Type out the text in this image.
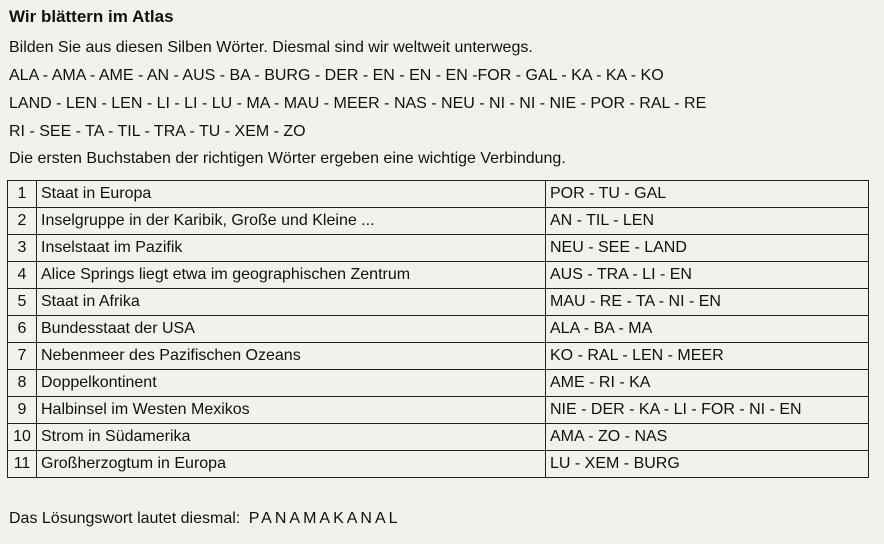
Wir blättern im Atlas
Bilden Sie aus diesen Silben Wörter. Diesmal sind wir weltweit unterwegs.
ALA - AMA - AME - AN - AUS - BA - BURG - DER - EN - EN - EN -FOR - GAL - KA - KA - KO
LAND - LEN - LEN - LI - LI - LU - MA - MAU - MEER - NAS - NEU - NI - NI - NIE - POR - RAL - RE
RI - SEE - TA - TIL - TRA - TU - XEM - ZO
Die ersten Buchstaben der richtigen Wörter ergeben eine wichtige Verbindung.
1	Staat in Europa	POR - TU - GAL
2	Inselgruppe in der Karibik, Große und Kleine ...	AN - TIL - LEN
3	Inselstaat im Pazifik	NEU - SEE - LAND
4	Alice Springs liegt etwa im geographischen Zentrum	AUS - TRA - LI - EN
5	Staat in Afrika	MAU - RE - TA - NI - EN
6	Bundesstaat der USA	ALA - BA - MA
7	Nebenmeer des Pazifischen Ozeans	KO - RAL - LEN - MEER
8	Doppelkontinent	AME - RI - KA
9	Halbinsel im Westen Mexikos	NIE - DER - KA - LI - FOR - NI - EN
10	Strom in Südamerika	AMA - ZO - NAS
11	Großherzogtum in Europa	LU - XEM - BURG
Das Lösungswort lautet diesmal: PANAMAKANAL
